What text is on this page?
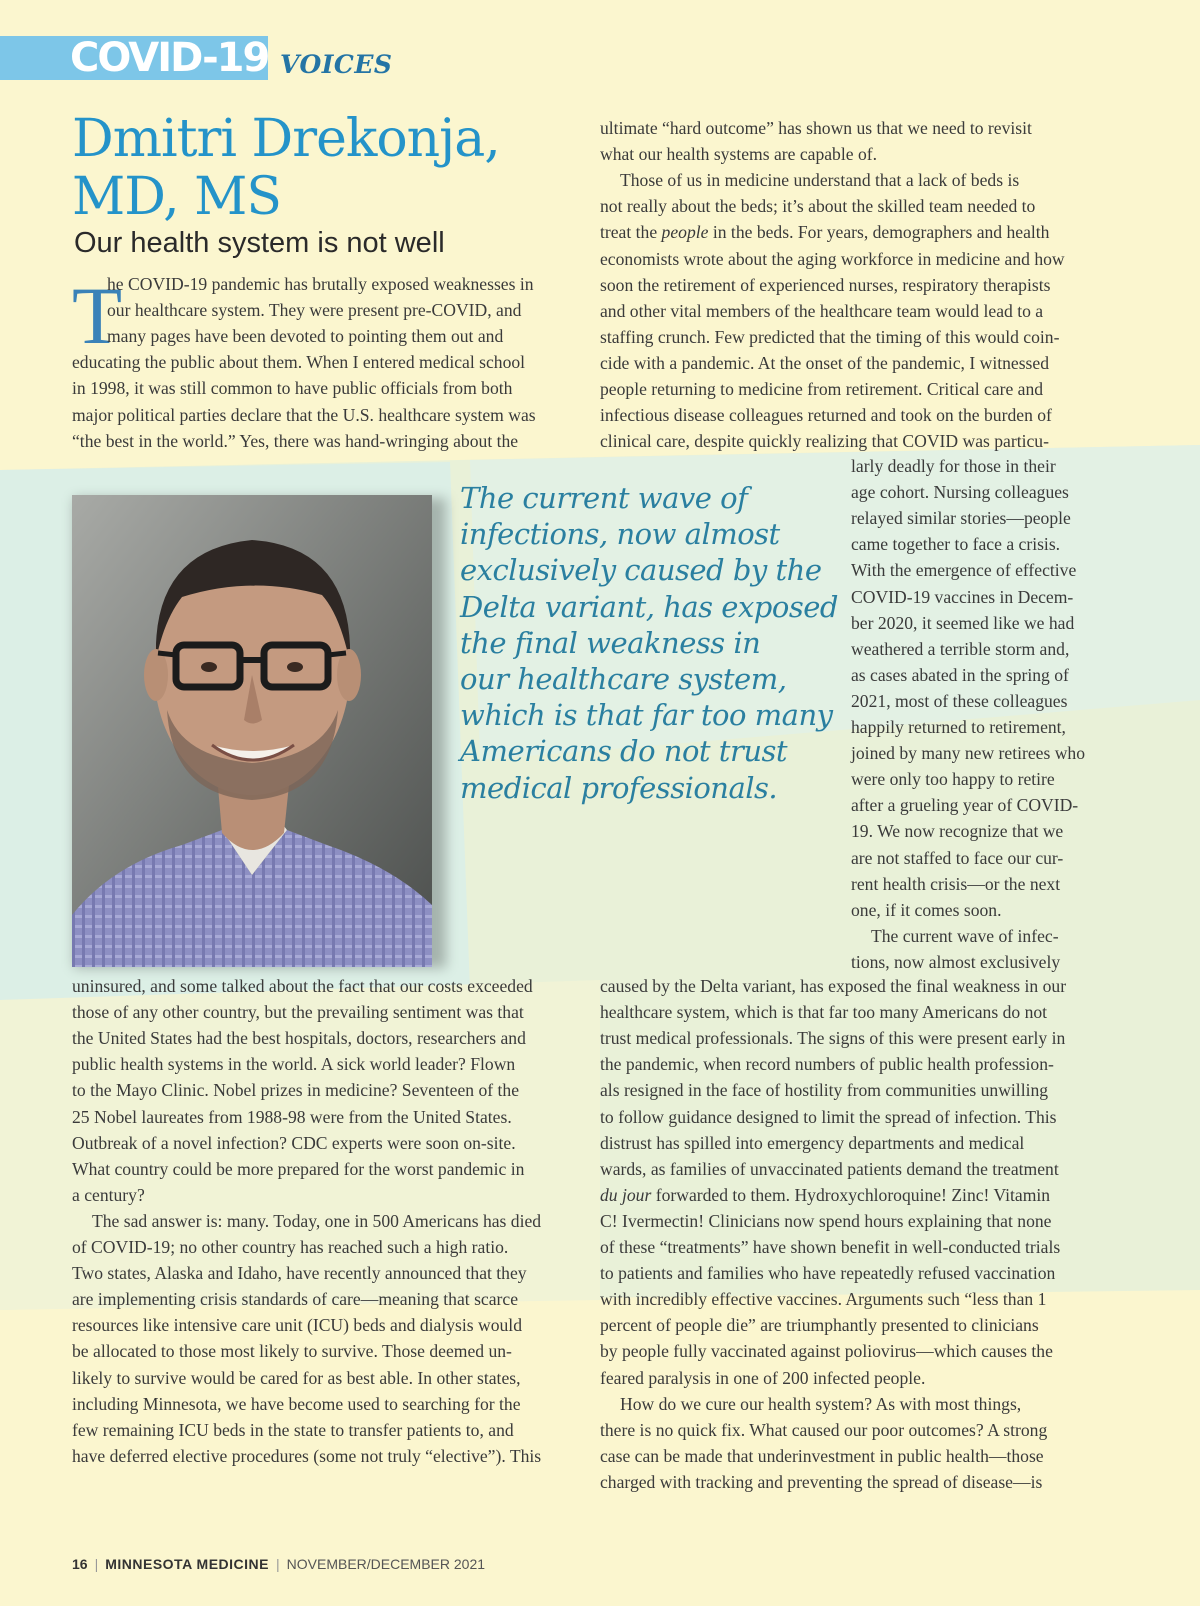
COVID-19 VOICES
Dmitri Drekonja, MD, MS
Our health system is not well
T
he COVID-19 pandemic has brutally exposed weaknesses in
our healthcare system. They were present pre-COVID, and
many pages have been devoted to pointing them out and
educating the public about them. When I entered medical school
in 1998, it was still common to have public officials from both
major political parties declare that the U.S. healthcare system was
“the best in the world.” Yes, there was hand-wringing about the
ultimate “hard outcome” has shown us that we need to revisit
what our health systems are capable of.
Those of us in medicine understand that a lack of beds is
not really about the beds; it’s about the skilled team needed to
treat the people in the beds. For years, demographers and health
economists wrote about the aging workforce in medicine and how
soon the retirement of experienced nurses, respiratory therapists
and other vital members of the healthcare team would lead to a
staffing crunch. Few predicted that the timing of this would coin-
cide with a pandemic. At the onset of the pandemic, I witnessed
people returning to medicine from retirement. Critical care and
infectious disease colleagues returned and took on the burden of
clinical care, despite quickly realizing that COVID was particu-
larly deadly for those in their
age cohort. Nursing colleagues
relayed similar stories—people
came together to face a crisis.
With the emergence of effective
COVID-19 vaccines in Decem-
ber 2020, it seemed like we had
weathered a terrible storm and,
as cases abated in the spring of
2021, most of these colleagues
happily returned to retirement,
joined by many new retirees who
were only too happy to retire
after a grueling year of COVID-
19. We now recognize that we
are not staffed to face our cur-
rent health crisis—or the next
one, if it comes soon.
The current wave of infec-
tions, now almost exclusively
The current wave of
infections, now almost
exclusively caused by the
Delta variant, has exposed
the final weakness in
our healthcare system,
which is that far too many
Americans do not trust
medical professionals.
uninsured, and some talked about the fact that our costs exceeded
those of any other country, but the prevailing sentiment was that
the United States had the best hospitals, doctors, researchers and
public health systems in the world. A sick world leader? Flown
to the Mayo Clinic. Nobel prizes in medicine? Seventeen of the
25 Nobel laureates from 1988-98 were from the United States.
Outbreak of a novel infection? CDC experts were soon on-site.
What country could be more prepared for the worst pandemic in
a century?
The sad answer is: many. Today, one in 500 Americans has died
of COVID-19; no other country has reached such a high ratio.
Two states, Alaska and Idaho, have recently announced that they
are implementing crisis standards of care—meaning that scarce
resources like intensive care unit (ICU) beds and dialysis would
be allocated to those most likely to survive. Those deemed un-
likely to survive would be cared for as best able. In other states,
including Minnesota, we have become used to searching for the
few remaining ICU beds in the state to transfer patients to, and
have deferred elective procedures (some not truly “elective”). This
caused by the Delta variant, has exposed the final weakness in our
healthcare system, which is that far too many Americans do not
trust medical professionals. The signs of this were present early in
the pandemic, when record numbers of public health profession-
als resigned in the face of hostility from communities unwilling
to follow guidance designed to limit the spread of infection. This
distrust has spilled into emergency departments and medical
wards, as families of unvaccinated patients demand the treatment
du jour forwarded to them. Hydroxychloroquine! Zinc! Vitamin
C! Ivermectin! Clinicians now spend hours explaining that none
of these “treatments” have shown benefit in well-conducted trials
to patients and families who have repeatedly refused vaccination
with incredibly effective vaccines. Arguments such “less than 1
percent of people die” are triumphantly presented to clinicians
by people fully vaccinated against poliovirus—which causes the
feared paralysis in one of 200 infected people.
How do we cure our health system? As with most things,
there is no quick fix. What caused our poor outcomes? A strong
case can be made that underinvestment in public health—those
charged with tracking and preventing the spread of disease—is
16 | MINNESOTA MEDICINE | NOVEMBER/DECEMBER 2021
